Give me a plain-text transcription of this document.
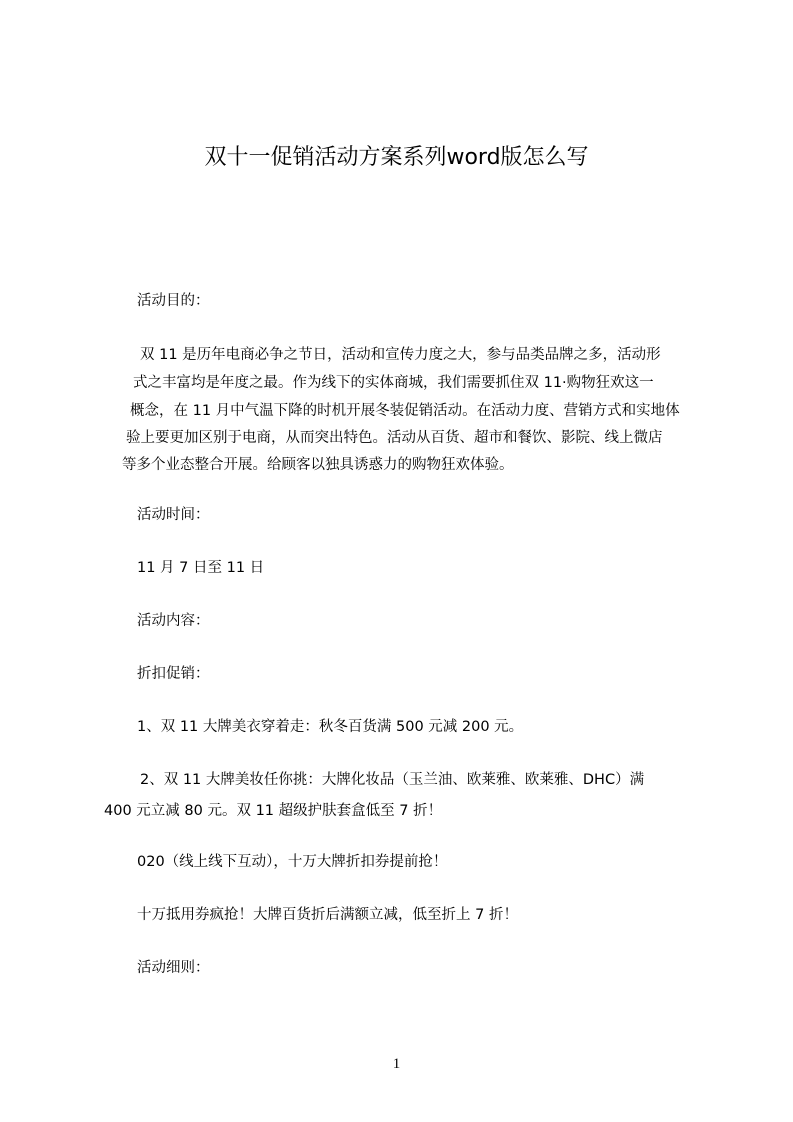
双十一促销活动方案系列word版怎么写
活动目的：
双 11 是历年电商必争之节日，活动和宣传力度之大，参与品类品牌之多，活动形
式之丰富均是年度之最。作为线下的实体商城，我们需要抓住双 11·购物狂欢这一
概念，在 11 月中气温下降的时机开展冬装促销活动。在活动力度、营销方式和实地体
验上要更加区别于电商，从而突出特色。活动从百货、超市和餐饮、影院、线上微店
等多个业态整合开展。给顾客以独具诱惑力的购物狂欢体验。
活动时间：
11 月 7 日至 11 日
活动内容：
折扣促销：
1、双 11 大牌美衣穿着走：秋冬百货满 500 元减 200 元。
2、双 11 大牌美妆任你挑：大牌化妆品（玉兰油、欧莱雅、欧莱雅、DHC）满
400 元立减 80 元。双 11 超级护肤套盒低至 7 折！
020（线上线下互动），十万大牌折扣券提前抢！
十万抵用券疯抢！大牌百货折后满额立减，低至折上 7 折！
活动细则：
1
